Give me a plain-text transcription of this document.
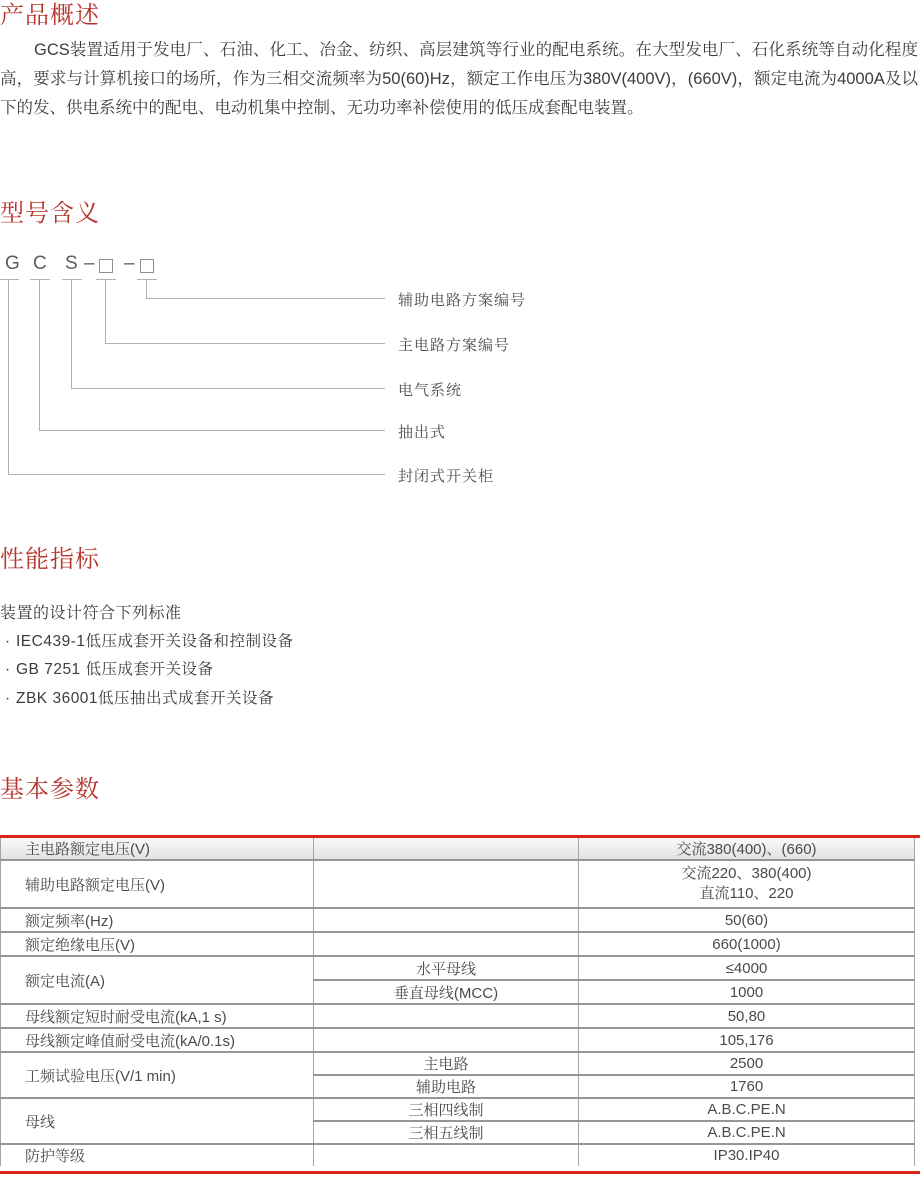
产品概述

GCS装置适用于发电厂、石油、化工、冶金、纺织、高层建筑等行业的配电系统。在大型发电厂、石化系统等自动化程度高，要求与计算机接口的场所，作为三相交流频率为50(60)Hz，额定工作电压为380V(400V)，(660V)，额定电流为4000A及以下的发、供电系统中的配电、电动机集中控制、无功功率补偿使用的低压成套配电装置。

型号含义
G C S – –
辅助电路方案编号
主电路方案编号
电气系统
抽出式
封闭式开关柜
性能指标
装置的设计符合下列标准
· IEC439-1低压成套开关设备和控制设备
· GB 7251 低压成套开关设备
· ZBK 36001低压抽出式成套开关设备
基本参数
主电路额定电压(V)		交流380(400)、(660)
辅助电路额定电压(V)		交流220、380(400)
直流110、220

额定频率(Hz)		50(60)
额定绝缘电压(V)		660(1000)
额定电流(A)	水平母线	≤4000
	垂直母线(MCC)	1000
母线额定短时耐受电流(kA,1 s)		50,80
母线额定峰值耐受电流(kA/0.1s)		105,176
工频试验电压(V/1 min)	主电路	2500
	辅助电路	1760
母线	三相四线制	A.B.C.PE.N
	三相五线制	A.B.C.PE.N
防护等级		IP30.IP40
